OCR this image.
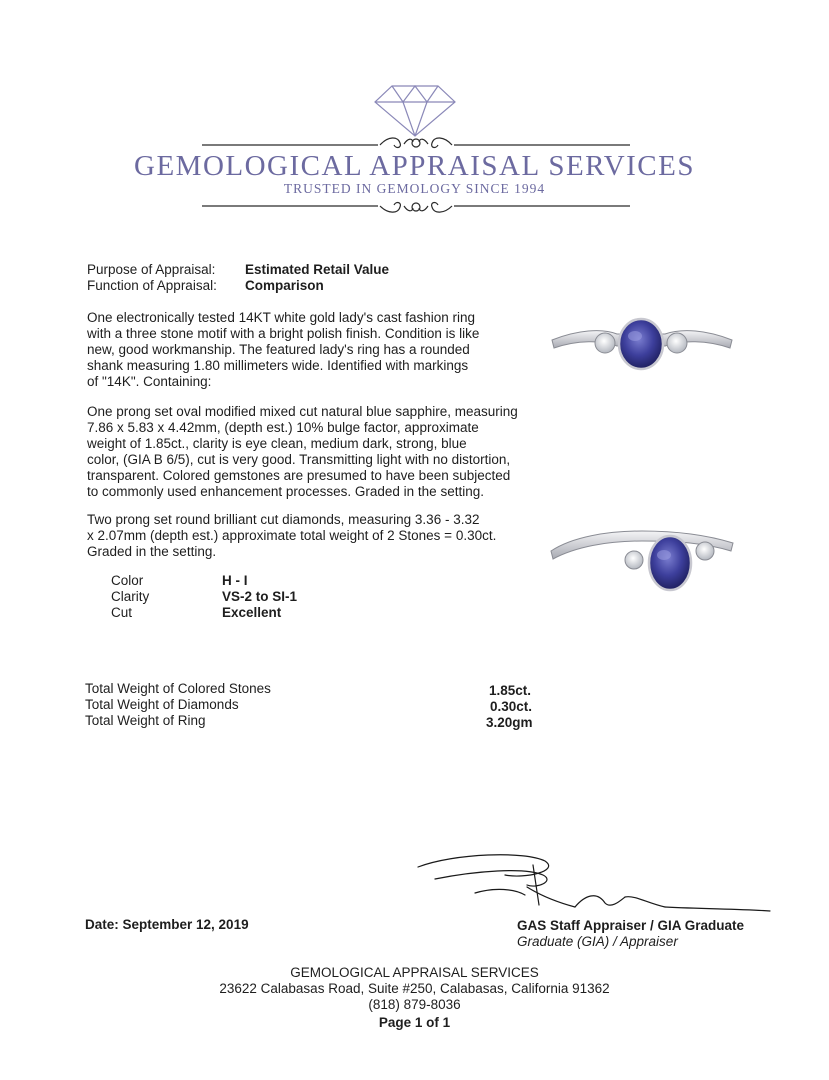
GEMOLOGICAL APPRAISAL SERVICES
TRUSTED IN GEMOLOGY SINCE 1994
Purpose of Appraisal: Estimated Retail Value
Function of Appraisal: Comparison
One electronically tested 14KT white gold lady's cast fashion ring
with a three stone motif with a bright polish finish. Condition is like
new, good workmanship. The featured lady's ring has a rounded
shank measuring 1.80 millimeters wide. Identified with markings
of "14K". Containing:
One prong set oval modified mixed cut natural blue sapphire, measuring
7.86 x 5.83 x 4.42mm, (depth est.) 10% bulge factor, approximate
weight of 1.85ct., clarity is eye clean, medium dark, strong, blue
color, (GIA B 6/5), cut is very good. Transmitting light with no distortion,
transparent. Colored gemstones are presumed to have been subjected
to commonly used enhancement processes. Graded in the setting.
Two prong set round brilliant cut diamonds, measuring 3.36 - 3.32
x 2.07mm (depth est.) approximate total weight of 2 Stones = 0.30ct.
Graded in the setting.
Color	H - I
Clarity	VS-2 to SI-1
Cut	Excellent
Total Weight of Colored Stones	1.85ct.
Total Weight of Diamonds	0.30ct.
Total Weight of Ring	3.20gm
Date: September 12, 2019	GAS Staff Appraiser / GIA Graduate
Graduate (GIA) / Appraiser
GEMOLOGICAL APPRAISAL SERVICES
23622 Calabasas Road, Suite #250, Calabasas, California 91362
(818) 879-8036
Page 1 of 1
